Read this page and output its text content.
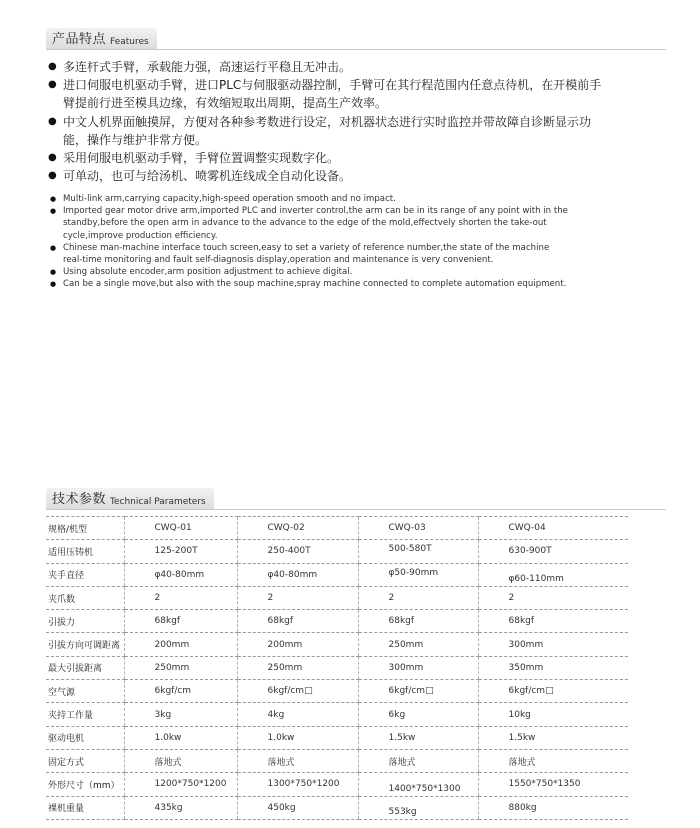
产品特点 Features
● 多连杆式手臂，承载能力强，高速运行平稳且无冲击。
● 进口伺服电机驱动手臂，进口PLC与伺服驱动器控制，手臂可在其行程范围内任意点待机，在开模前手臂提前行进至模具边缘，有效缩短取出周期，提高生产效率。
● 中文人机界面触摸屏，方便对各种参考数进行设定，对机器状态进行实时监控并带故障自诊断显示功能，操作与维护非常方便。
● 采用伺服电机驱动手臂，手臂位置调整实现数字化。
● 可单动，也可与给汤机、喷雾机连线成全自动化设备。
● Multi-link arm,carrying capacity,high-speed operation smooth and no impact.
● Imported gear motor drive arm,imported PLC and inverter control,the arm can be in its range of any point with in the standby,before the open arm in advance to the advance to the edge of the mold,effectvely shorten the take-out cycle,improve production efficiency.
● Chinese man-machine interface touch screen,easy to set a variety of reference number,the state of the machine real-time monitoring and fault self-diagnosis display,operation and maintenance is very convenient.
● Using absolute encoder,arm position adjustment to achieve digital.
● Can be a single move,but also with the soup machine,spray machine connected to complete automation equipment.
技术参数 Technical Parameters
规格/机型	CWQ-01	CWQ-02	CWQ-03	CWQ-04
适用压铸机	125-200T	250-400T	500-580T	630-900T
夹手直径	φ40-80mm	φ40-80mm	φ50-90mm	φ60-110mm
夹爪数	2	2	2	2
引拔力	68kgf	68kgf	68kgf	68kgf
引拔方向可调距离	200mm	200mm	250mm	300mm
最大引拔距离	250mm	250mm	300mm	350mm
空气源	6kgf/cm	6kgf/cm□	6kgf/cm□	6kgf/cm□
夹持工作量	3kg	4kg	6kg	10kg
驱动电机	1.0kw	1.0kw	1.5kw	1.5kw
固定方式	落地式	落地式	落地式	落地式
外形尺寸（mm）	1200*750*1200	1300*750*1200	1400*750*1300	1550*750*1350
裸机重量	435kg	450kg	553kg	880kg
